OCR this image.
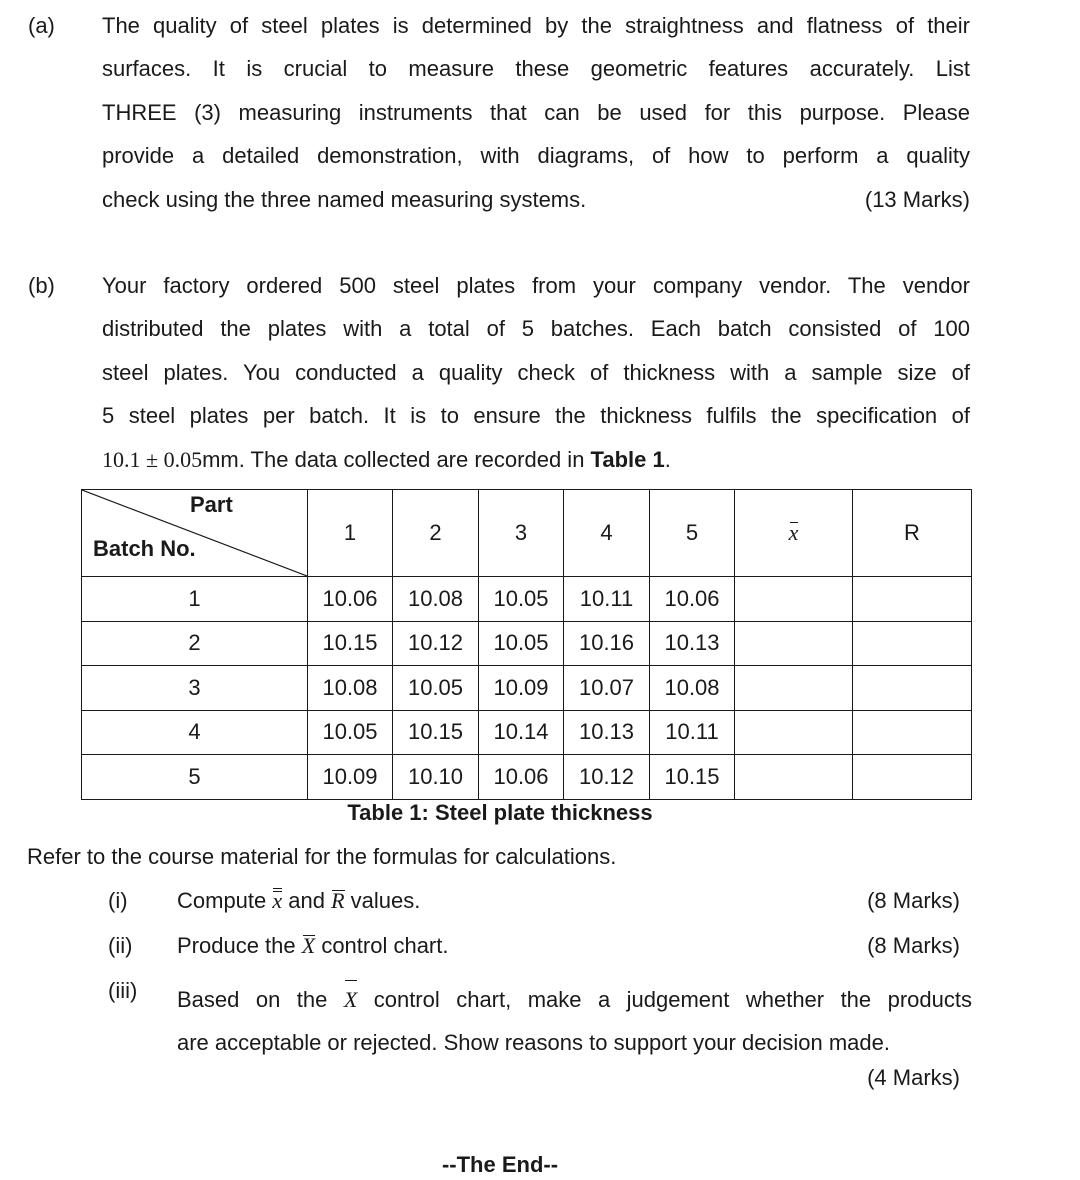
(a) The quality of steel plates is determined by the straightness and flatness of their
surfaces. It is crucial to measure these geometric features accurately. List
THREE (3) measuring instruments that can be used for this purpose. Please
provide a detailed demonstration, with diagrams, of how to perform a quality
check using the three named measuring systems.	(13 Marks)
(b) Your factory ordered 500 steel plates from your company vendor. The vendor
distributed the plates with a total of 5 batches. Each batch consisted of 100
steel plates. You conducted a quality check of thickness with a sample size of
5 steel plates per batch. It is to ensure the thickness fulfils the specification of
10.1 ± 0.05mm. The data collected are recorded in Table 1.
Part
Batch No.	1	2	3	4	5	x	R
1	10.06	10.08	10.05	10.11	10.06		
2	10.15	10.12	10.05	10.16	10.13		
3	10.08	10.05	10.09	10.07	10.08		
4	10.05	10.15	10.14	10.13	10.11		
5	10.09	10.10	10.06	10.12	10.15		
Table 1: Steel plate thickness
Refer to the course material for the formulas for calculations.
(i) Compute x and R values.	(8 Marks)
(ii) Produce the X control chart.	(8 Marks)
(iii) Based on the X control chart, make a judgement whether the products
are acceptable or rejected. Show reasons to support your decision made.
(4 Marks)
--The End--
